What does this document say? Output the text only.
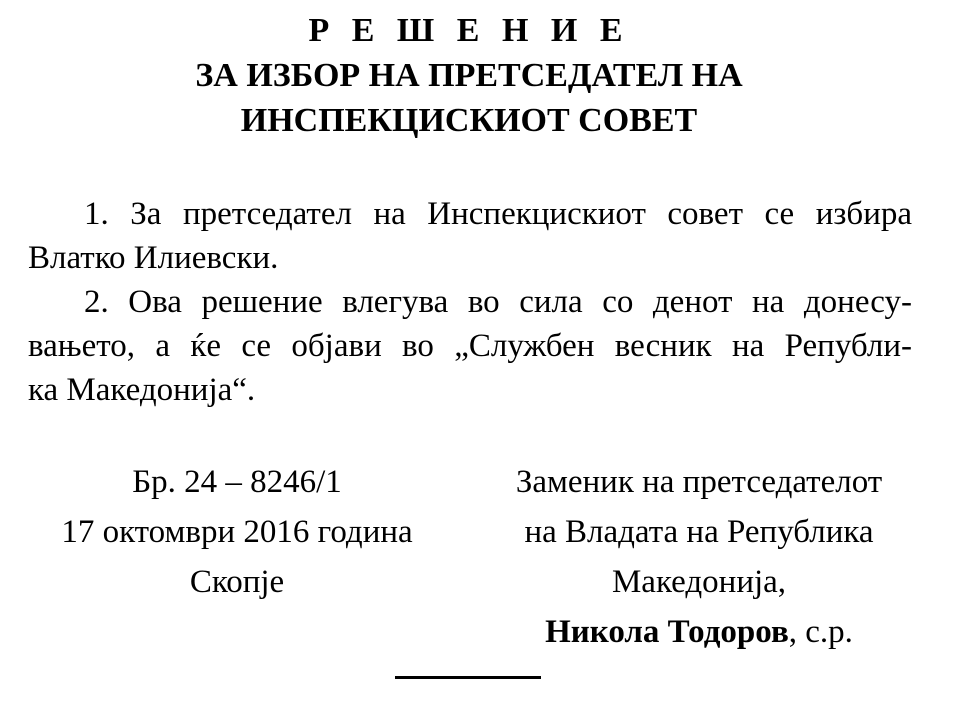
Р Е Ш Е Н И Е
ЗА ИЗБОР НА ПРЕТСЕДАТЕЛ НА
ИНСПЕКЦИСКИОТ СОВЕТ

1. За претседател на Инспекцискиот совет се избира
Влатко Илиевски.

2. Ова решение влегува во сила со денот на донесу-
вањето, а ќе се објави во „Службен весник на Републи-
ка Македонија“.

Бр. 24 – 8246/1
17 октомври 2016 година
Скопје
Заменик на претседателот
на Владата на Република
Македонија,
Никола Тодоров, с.р.
